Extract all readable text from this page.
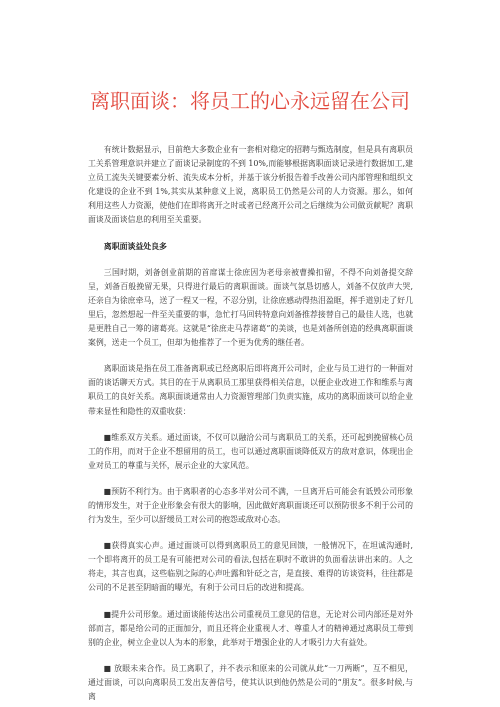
离职面谈：将员工的心永远留在公司

有统计数据显示，目前绝大多数企业有一套相对稳定的招聘与甄选制度，但是具有离职员工关系管理意识并建立了面谈记录制度的不到 10%,而能够根据离职面谈记录进行数据加工,建立员工流失关键要素分析、流失成本分析，并基于该分析报告着手改善公司内部管理和组织文化建设的企业不到 1%,其实从某种意义上说，离职员工仍然是公司的人力资源。那么，如何利用这些人力资源，使他们在即将离开之时或者已经离开公司之后继续为公司做贡献呢？离职面谈及面谈信息的利用至关重要。

离职面谈益处良多

三国时期，刘备创业前期的首席谋士徐庶因为老母亲被曹操扣留，不得不向刘备提交辞呈，刘备百般挽留无果，只得进行最后的离职面谈。面谈气氛恳切感人，刘备不仅放声大哭,还亲自为徐庶牵马，送了一程又一程，不忍分别，让徐庶感动得热泪盈眶，挥手道别走了好几里后，忽然想起一件至关重要的事，急忙打马回转特意向刘备推荐接替自己的最佳人选，也就是更胜自己一筹的诸葛亮。这就是“徐庶走马荐诸葛”的美谈，也是刘备所创造的经典离职面谈案例，送走一个员工，但却为他推荐了一个更为优秀的继任者。

离职面谈是指在员工准备离职或已经离职后即将离开公司时，企业与员工进行的一种面对面的谈话聊天方式。其目的在于从离职员工那里获得相关信息，以便企业改进工作和维系与离职员工的良好关系。离职面谈通常由人力资源管理部门负责实施，成功的离职面谈可以给企业带来显性和隐性的双重收获：

■维系双方关系。通过面谈，不仅可以融洽公司与离职员工的关系，还可起到挽留核心员工的作用，而对于企业不想留用的员工，也可以通过离职面谈降低双方的敌对意识，体现出企业对员工的尊重与关怀，展示企业的大家风范。

■预防不利行为。由于离职者的心态多半对公司不满，一旦离开后可能会有诋毁公司形象的情形发生，对于企业形象会有很大的影响，因此做好离职面谈还可以预防很多不利于公司的行为发生，至少可以舒缓员工对公司的抱怨或敌对心态。

■获得真实心声。通过面谈可以得到离职员工的意见回馈，一般情况下，在坦诚沟通时,一个即将离开的员工是有可能把对公司的看法,包括在职时不敢讲的负面看法讲出来的。人之将走，其言也真，这些临别之际的心声吐露和针砭之言，是直接、难得的访谈资料，往往都是公司的不足甚至阴暗面的曝光，有利于公司日后的改进和提高。

■提升公司形象。通过面谈能传达出公司重视员工意见的信息，无论对公司内部还是对外部而言，都是给公司的正面加分，而且还将企业重视人才、尊重人才的精神通过离职员工带到别的企业，树立企业以人为本的形象，此举对于增强企业的人才吸引力大有益处。

■ 放眼未来合作。员工离职了，并不表示和原来的公司就从此“一刀两断”，互不相见，通过面谈，可以向离职员工发出友善信号，使其认识到他仍然是公司的“朋友”。很多时候,与离
